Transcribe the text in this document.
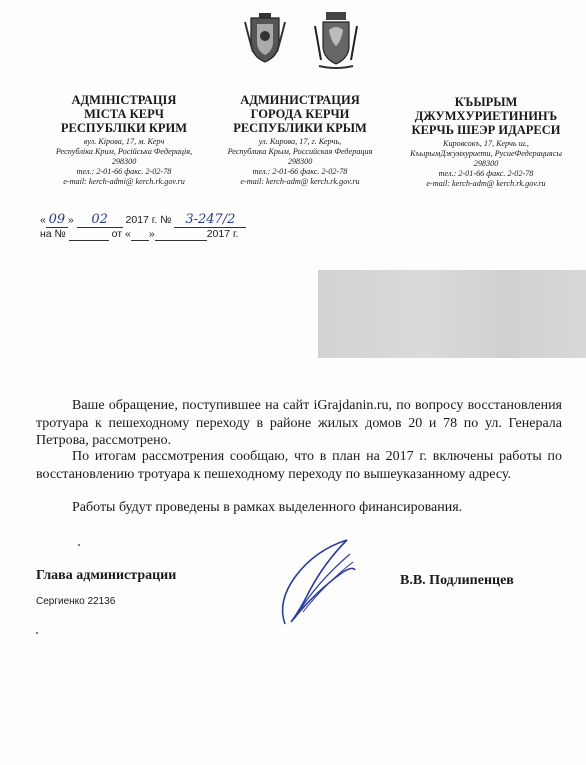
АДМІНІСТРАЦІЯ
МІСТА КЕРЧ
РЕСПУБЛІКИ КРИМ
вул. Кірова, 17, м. Керч
Республіка Крим, Російська Федерація,
298300
тел.: 2-01-66 факс. 2-02-78
e-mail: kerch-admi@ kerch.rk.gov.ru
АДМИНИСТРАЦИЯ
ГОРОДА КЕРЧИ
РЕСПУБЛИКИ КРЫМ
ул. Кирова, 17, г. Керчь,
Республика Крым, Российская Федерация
298300
тел.: 2-01-66 факс. 2-02-78
e-mail: kerch-adm@ kerch.rk.gov.ru
КЪЫРЫМ
ДЖУМХУРИЕТИНИНЪ
КЕРЧЬ ШЕЭР ИДАРЕСИ
Кировсокъ, 17, Керчь ш.,
КъырымДжумхуриети, РусиеФедерациясы
298300
тел.: 2-01-66 факс. 2-02-78
e-mail: kerch-adm@ kerch.rk.gov.ru
« 09 » 02 2017 г. № 3-247/2
на №	от « »	2017 г.
Ваше обращение, поступившее на сайт iGrajdanin.ru, по вопросу восстановления тротуара к пешеходному переходу в районе жилых домов 20 и 78 по ул. Генерала Петрова, рассмотрено.
По итогам рассмотрения сообщаю, что в план на 2017 г. включены работы по восстановлению тротуара к пешеходному переходу по вышеуказанному адресу.
Работы будут проведены в рамках выделенного финансирования.
Глава администрации	В.В. Подлипенцев
Сергиенко 22136
